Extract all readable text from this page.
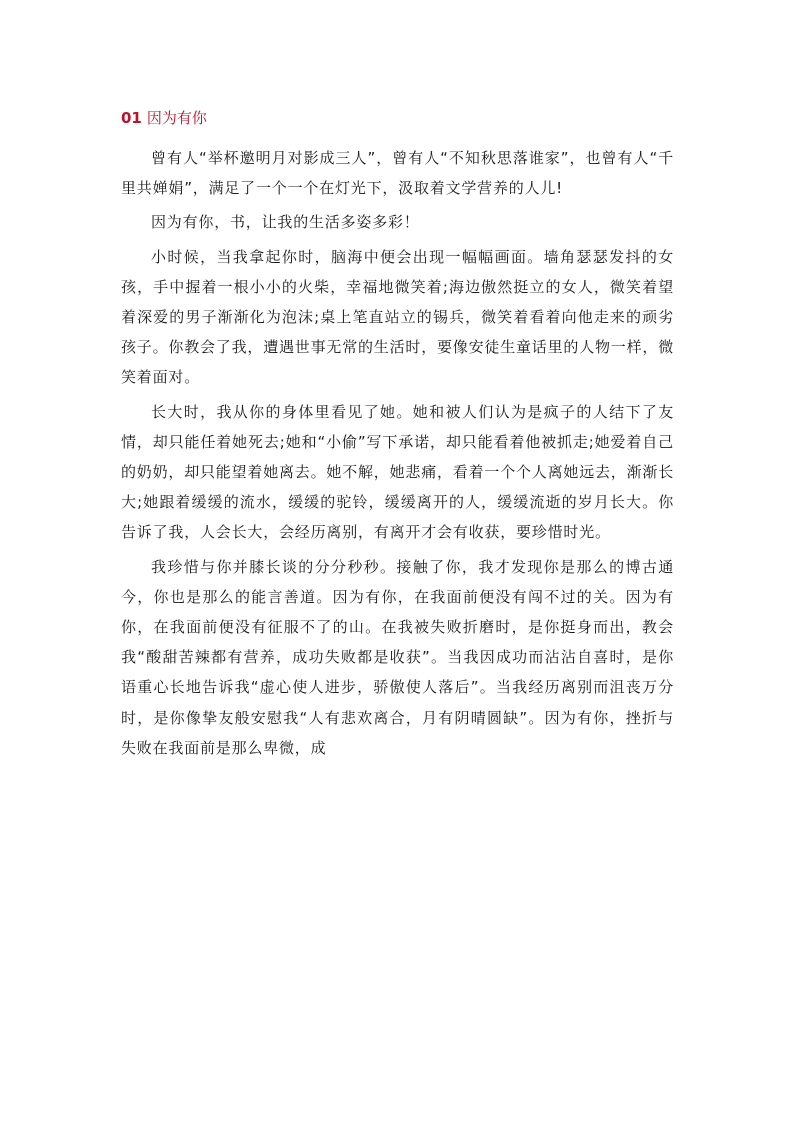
01 因为有你

曾有人“举杯邀明月对影成三人”，曾有人“不知秋思落谁家”，也曾有人“千里共婵娟”，满足了一个一个在灯光下，汲取着文学营养的人儿!

因为有你，书，让我的生活多姿多彩！

小时候，当我拿起你时，脑海中便会出现一幅幅画面。墙角瑟瑟发抖的女孩，手中握着一根小小的火柴，幸福地微笑着;海边傲然挺立的女人，微笑着望着深爱的男子渐渐化为泡沫;桌上笔直站立的锡兵，微笑着看着向他走来的顽劣孩子。你教会了我，遭遇世事无常的生活时，要像安徒生童话里的人物一样，微笑着面对。

长大时，我从你的身体里看见了她。她和被人们认为是疯子的人结下了友情，却只能任着她死去;她和“小偷”写下承诺，却只能看着他被抓走;她爱着自己的奶奶，却只能望着她离去。她不解，她悲痛，看着一个个人离她远去，渐渐长大;她跟着缓缓的流水，缓缓的驼铃，缓缓离开的人，缓缓流逝的岁月长大。你告诉了我，人会长大，会经历离别，有离开才会有收获，要珍惜时光。

我珍惜与你并膝长谈的分分秒秒。接触了你，我才发现你是那么的博古通今，你也是那么的能言善道。因为有你，在我面前便没有闯不过的关。因为有你，在我面前便没有征服不了的山。在我被失败折磨时，是你挺身而出，教会我“酸甜苦辣都有营养，成功失败都是收获”。当我因成功而沾沾自喜时，是你语重心长地告诉我“虚心使人进步，骄傲使人落后”。当我经历离别而沮丧万分时，是你像挚友般安慰我“人有悲欢离合，月有阴晴圆缺”。因为有你，挫折与失败在我面前是那么卑微，成
